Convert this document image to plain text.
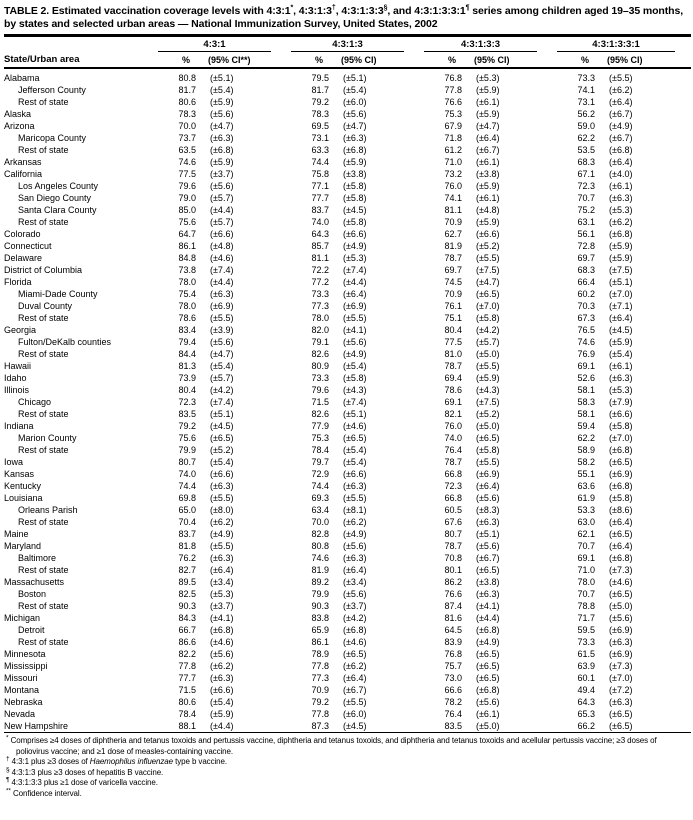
TABLE 2. Estimated vaccination coverage levels with 4:3:1*, 4:3:1:3†, 4:3:1:3:3§, and 4:3:1:3:3:1¶ series among children aged 19–35 months, by states and selected urban areas — National Immunization Survey, United States, 2002

	4:3:1		4:3:1:3		4:3:1:3:3		4:3:1:3:3:1	

State/Urban area	%	(95% CI**)	%	(95% CI)	%	(95% CI)	%	(95% CI)
Alabama	80.8	(±5.1)	79.5	(±5.1)	76.8	(±5.3)	73.3	(±5.5)
Jefferson County	81.7	(±5.4)	81.7	(±5.4)	77.8	(±5.9)	74.1	(±6.2)
Rest of state	80.6	(±5.9)	79.2	(±6.0)	76.6	(±6.1)	73.1	(±6.4)
Alaska	78.3	(±5.6)	78.3	(±5.6)	75.3	(±5.9)	56.2	(±6.7)
Arizona	70.0	(±4.7)	69.5	(±4.7)	67.9	(±4.7)	59.0	(±4.9)
Maricopa County	73.7	(±6.3)	73.1	(±6.3)	71.8	(±6.4)	62.2	(±6.7)
Rest of state	63.5	(±6.8)	63.3	(±6.8)	61.2	(±6.7)	53.5	(±6.8)
Arkansas	74.6	(±5.9)	74.4	(±5.9)	71.0	(±6.1)	68.3	(±6.4)
California	77.5	(±3.7)	75.8	(±3.8)	73.2	(±3.8)	67.1	(±4.0)
Los Angeles County	79.6	(±5.6)	77.1	(±5.8)	76.0	(±5.9)	72.3	(±6.1)
San Diego County	79.0	(±5.7)	77.7	(±5.8)	74.1	(±6.1)	70.7	(±6.3)
Santa Clara County	85.0	(±4.4)	83.7	(±4.5)	81.1	(±4.8)	75.2	(±5.3)
Rest of state	75.6	(±5.7)	74.0	(±5.8)	70.9	(±5.9)	63.1	(±6.2)
Colorado	64.7	(±6.6)	64.3	(±6.6)	62.7	(±6.6)	56.1	(±6.8)
Connecticut	86.1	(±4.8)	85.7	(±4.9)	81.9	(±5.2)	72.8	(±5.9)
Delaware	84.8	(±4.6)	81.1	(±5.3)	78.7	(±5.5)	69.7	(±5.9)
District of Columbia	73.8	(±7.4)	72.2	(±7.4)	69.7	(±7.5)	68.3	(±7.5)
Florida	78.0	(±4.4)	77.2	(±4.4)	74.5	(±4.7)	66.4	(±5.1)
Miami-Dade County	75.4	(±6.3)	73.3	(±6.4)	70.9	(±6.5)	60.2	(±7.0)
Duval County	78.0	(±6.9)	77.3	(±6.9)	76.1	(±7.0)	70.3	(±7.1)
Rest of state	78.6	(±5.5)	78.0	(±5.5)	75.1	(±5.8)	67.3	(±6.4)
Georgia	83.4	(±3.9)	82.0	(±4.1)	80.4	(±4.2)	76.5	(±4.5)
Fulton/DeKalb counties	79.4	(±5.6)	79.1	(±5.6)	77.5	(±5.7)	74.6	(±5.9)
Rest of state	84.4	(±4.7)	82.6	(±4.9)	81.0	(±5.0)	76.9	(±5.4)
Hawaii	81.3	(±5.4)	80.9	(±5.4)	78.7	(±5.5)	69.1	(±6.1)
Idaho	73.9	(±5.7)	73.3	(±5.8)	69.4	(±5.9)	52.6	(±6.3)
Illinois	80.4	(±4.2)	79.6	(±4.3)	78.6	(±4.3)	58.1	(±5.3)
Chicago	72.3	(±7.4)	71.5	(±7.4)	69.1	(±7.5)	58.3	(±7.9)
Rest of state	83.5	(±5.1)	82.6	(±5.1)	82.1	(±5.2)	58.1	(±6.6)
Indiana	79.2	(±4.5)	77.9	(±4.6)	76.0	(±5.0)	59.4	(±5.8)
Marion County	75.6	(±6.5)	75.3	(±6.5)	74.0	(±6.5)	62.2	(±7.0)
Rest of state	79.9	(±5.2)	78.4	(±5.4)	76.4	(±5.8)	58.9	(±6.8)
Iowa	80.7	(±5.4)	79.7	(±5.4)	78.7	(±5.5)	58.2	(±6.5)
Kansas	74.0	(±6.6)	72.9	(±6.6)	66.8	(±6.9)	55.1	(±6.9)
Kentucky	74.4	(±6.3)	74.4	(±6.3)	72.3	(±6.4)	63.6	(±6.8)
Louisiana	69.8	(±5.5)	69.3	(±5.5)	66.8	(±5.6)	61.9	(±5.8)
Orleans Parish	65.0	(±8.0)	63.4	(±8.1)	60.5	(±8.3)	53.3	(±8.6)
Rest of state	70.4	(±6.2)	70.0	(±6.2)	67.6	(±6.3)	63.0	(±6.4)
Maine	83.7	(±4.9)	82.8	(±4.9)	80.7	(±5.1)	62.1	(±6.5)
Maryland	81.8	(±5.5)	80.8	(±5.6)	78.7	(±5.6)	70.7	(±6.4)
Baltimore	76.2	(±6.3)	74.6	(±6.3)	70.8	(±6.7)	69.1	(±6.8)
Rest of state	82.7	(±6.4)	81.9	(±6.4)	80.1	(±6.5)	71.0	(±7.3)
Massachusetts	89.5	(±3.4)	89.2	(±3.4)	86.2	(±3.8)	78.0	(±4.6)
Boston	82.5	(±5.3)	79.9	(±5.6)	76.6	(±6.3)	70.7	(±6.5)
Rest of state	90.3	(±3.7)	90.3	(±3.7)	87.4	(±4.1)	78.8	(±5.0)
Michigan	84.3	(±4.1)	83.8	(±4.2)	81.6	(±4.4)	71.7	(±5.6)
Detroit	66.7	(±6.8)	65.9	(±6.8)	64.5	(±6.8)	59.5	(±6.9)
Rest of state	86.6	(±4.6)	86.1	(±4.6)	83.9	(±4.9)	73.3	(±6.3)
Minnesota	82.2	(±5.6)	78.9	(±6.5)	76.8	(±6.5)	61.5	(±6.9)
Mississippi	77.8	(±6.2)	77.8	(±6.2)	75.7	(±6.5)	63.9	(±7.3)
Missouri	77.7	(±6.3)	77.3	(±6.4)	73.0	(±6.5)	60.1	(±7.0)
Montana	71.5	(±6.6)	70.9	(±6.7)	66.6	(±6.8)	49.4	(±7.2)
Nebraska	80.6	(±5.4)	79.2	(±5.5)	78.2	(±5.6)	64.3	(±6.3)
Nevada	78.4	(±5.9)	77.8	(±6.0)	76.4	(±6.1)	65.3	(±6.5)
New Hampshire	88.1	(±4.4)	87.3	(±4.5)	83.5	(±5.0)	66.2	(±6.5)
* Comprises ≥4 doses of diphtheria and tetanus toxoids and pertussis vaccine, diphtheria and tetanus toxoids, and diphtheria and tetanus toxoids and acellular pertussis vaccine; ≥3 doses of poliovirus vaccine; and ≥1 dose of measles-containing vaccine.
† 4:3:1 plus ≥3 doses of Haemophilus influenzae type b vaccine.
§ 4:3:1:3 plus ≥3 doses of hepatitis B vaccine.
¶ 4:3:1:3:3 plus ≥1 dose of varicella vaccine.
** Confidence interval.
